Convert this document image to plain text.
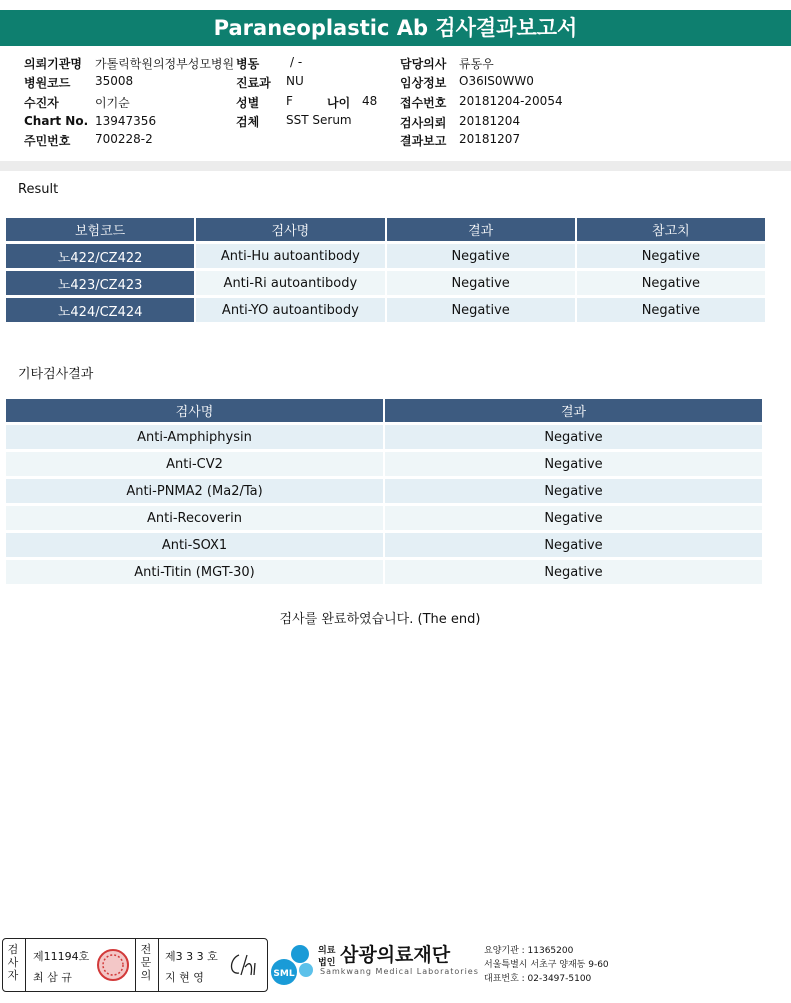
Paraneoplastic Ab 검사결과보고서
의뢰기관명 가톨릭학원의정부성모병원 병동	/ -	담당의사 류동우
병원코드 35008	진료과 NU	임상정보 O36IS0WW0
수진자	이기순	성별 F	나이 48 접수번호 20181204-20054
Chart No. 13947356	검체 SST Serum	검사의뢰 20181204
주민번호 700228-2	결과보고 20181207
Result
보험코드	검사명	결과	참고치
노422/CZ422	Anti-Hu autoantibody	Negative	Negative
노423/CZ423	Anti-Ri autoantibody	Negative	Negative
노424/CZ424	Anti-YO autoantibody	Negative	Negative
기타검사결과
검사명	결과
Anti-Amphiphysin	Negative
Anti-CV2	Negative
Anti-PNMA2 (Ma2/Ta)	Negative
Anti-Recoverin	Negative
Anti-SOX1	Negative
Anti-Titin (MGT-30)	Negative
검사를 완료하였습니다. (The end)
검사자
제11194호
최 삼 규
전문의
제3 3 3 호
지 현 영	SML
의료
법인 삼광의료재단
Samkwang Medical Laboratories
요양기관 : 11365200
서울특별시 서초구 양재동 9-60
대표번호 : 02-3497-5100
